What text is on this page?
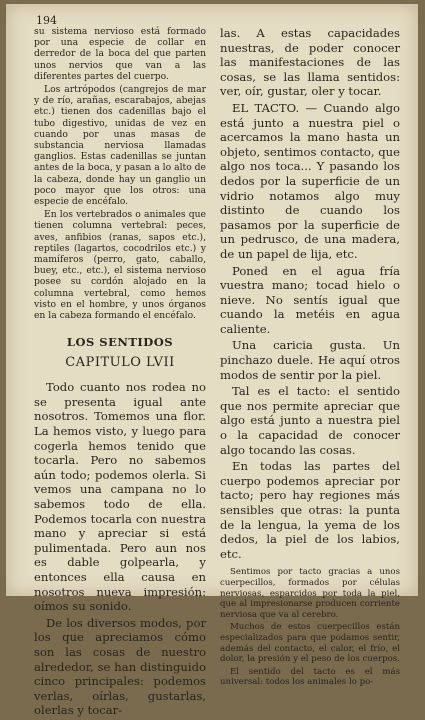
194

su sistema nervioso está formado por una especie de collar en derredor de la boca del que parten unos nervios que van a las diferentes partes del cuerpo.

Los artrópodos (cangrejos de mar y de río, arañas, escarabajos, abejas etc.) tienen dos cadenillas bajo el tubo digestivo, unidas de vez en cuando por unas masas de substancia nerviosa llamadas ganglios. Estas cadenillas se juntan antes de la boca, y pasan a lo alto de la cabeza, donde hay un ganglio un poco mayor que los otros: una especie de encéfalo.

En los vertebrados o animales que tienen columna vertebral: peces, aves, anfibios (ranas, sapos etc.), reptiles (lagartos, cocodrilos etc.) y mamíferos (perro, gato, caballo, buey, etc., etc.), el sistema nervioso posee su cordón alojado en la columna vertebral, como hemos visto en el hombre, y unos órganos en la cabeza formando el encéfalo.

LOS SENTIDOS
CAPITULO LVII

Todo cuanto nos rodea no se presenta igual ante nosotros. Tomemos una flor. La hemos visto, y luego para cogerla hemos tenido que tocarla. Pero no sabemos aún todo; podemos olerla. Si vemos una campana no lo sabemos todo de ella. Podemos tocarla con nuestra mano y apreciar si está pulimentada. Pero aun nos es dable golpearla, y entonces ella causa en nosotros nueva impresión: oímos su sonido.

De los diversos modos, por los que apreciamos cómo son las cosas de nuestro alrededor, se han distinguido cinco principales: podemos verlas, oírlas, gustarlas, olerlas y tocar-

las. A estas capacidades nuestras, de poder conocer las manifestaciones de las cosas, se las llama sentidos: ver, oír, gustar, oler y tocar.

EL TACTO. — Cuando algo está junto a nuestra piel o acercamos la mano hasta un objeto, sentimos contacto, que algo nos toca... Y pasando los dedos por la superficie de un vidrio notamos algo muy distinto de cuando los pasamos por la superficie de un pedrusco, de una madera, de un papel de lija, etc.

Poned en el agua fría vuestra mano; tocad hielo o nieve. No sentís igual que cuando la metéis en agua caliente.

Una caricia gusta. Un pinchazo duele. He aquí otros modos de sentir por la piel.

Tal es el tacto: el sentido que nos permite apreciar que algo está junto a nuestra piel o la capacidad de conocer algo tocando las cosas.

En todas las partes del cuerpo podemos apreciar por tacto; pero hay regiones más sensibles que otras: la punta de la lengua, la yema de los dedos, la piel de los labios, etc.

Sentimos por tacto gracias a unos cuerpecillos, formados por células nerviosas, esparcidos por toda la piel, que al impresionarse producen corriente nerviosa que va al cerebro.

Muchos de estos cuerpecillos están especializados para que podamos sentir, además del contacto, el calor, el frío, el dolor, la presión y el peso de los cuerpos.

El sentido del tacto es el más universal: todos los animales lo po-
